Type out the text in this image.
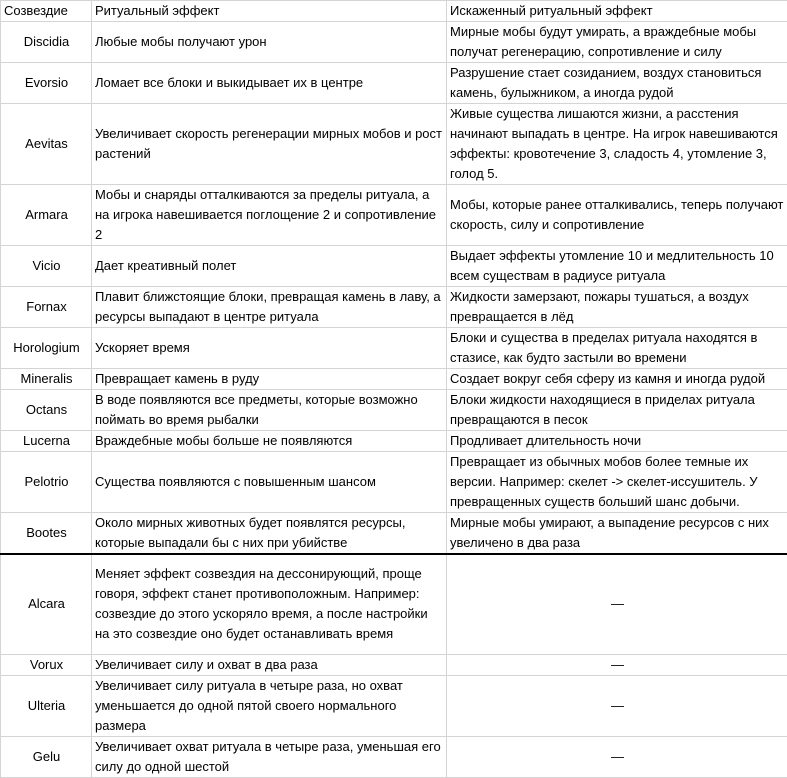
Созвездие	Ритуальный эффект	Искаженный ритуальный эффект
Discidia	Любые мобы получают урон	Мирные мобы будут умирать, а враждебные мобы получат регенерацию, сопротивление и силу
Evorsio	Ломает все блоки и выкидывает их в центре	Разрушение стает созиданием, воздух становиться камень, булыжником, а иногда рудой
Aevitas	Увеличивает скорость регенерации мирных мобов и рост растений	Живые существа лишаются жизни, а расстения начинают выпадать в центре. На игрок навешиваются эффекты: кровотечение 3, сладость 4, утомление 3, голод 5.
Armara	Мобы и снаряды отталкиваются за пределы ритуала, а на игрока навешивается поглощение 2 и сопротивление 2	Мобы, которые ранее отталкивались, теперь получают скорость, силу и сопротивление
Vicio	Дает креативный полет	Выдает эффекты утомление 10 и медлительность 10 всем существам в радиусе ритуала
Fornax	Плавит ближстоящие блоки, превращая камень в лаву, а ресурсы выпадают в центре ритуала	Жидкости замерзают, пожары тушаться, а воздух превращается в лёд
Horologium	Ускоряет время	Блоки и существа в пределах ритуала находятся в стазисе, как будто застыли во времени
Mineralis	Превращает камень в руду	Создает вокруг себя сферу из камня и иногда рудой
Octans	В воде появляются все предметы, которые возможно поймать во время рыбалки	Блоки жидкости находящиеся в приделах ритуала превращаются в песок
Lucerna	Враждебные мобы больше не появляются	Продливает длительность ночи
Pelotrio	Существа появляются с повышенным шансом	Превращает из обычных мобов более темные их версии. Например: скелет -> скелет-иссушитель. У превращенных существ больший шанс добычи.
Bootes	Около мирных животных будет появлятся ресурсы, которые выпадали бы с них при убийстве	Мирные мобы умирают, а выпадение ресурсов с них увеличено в два раза
Alcara	Меняет эффект созвездия на дессонирующий, проще говоря, эффект станет противоположным. Например: созвездие до этого ускоряло время, а после настройки на это созвездие оно будет останавливать время	—
Vorux	Увеличивает силу и охват в два раза	—
Ulteria	Увеличивает силу ритуала в четыре раза, но охват уменьшается до одной пятой своего нормального размера	—
Gelu	Увеличивает охват ритуала в четыре раза, уменьшая его силу до одной шестой	—
